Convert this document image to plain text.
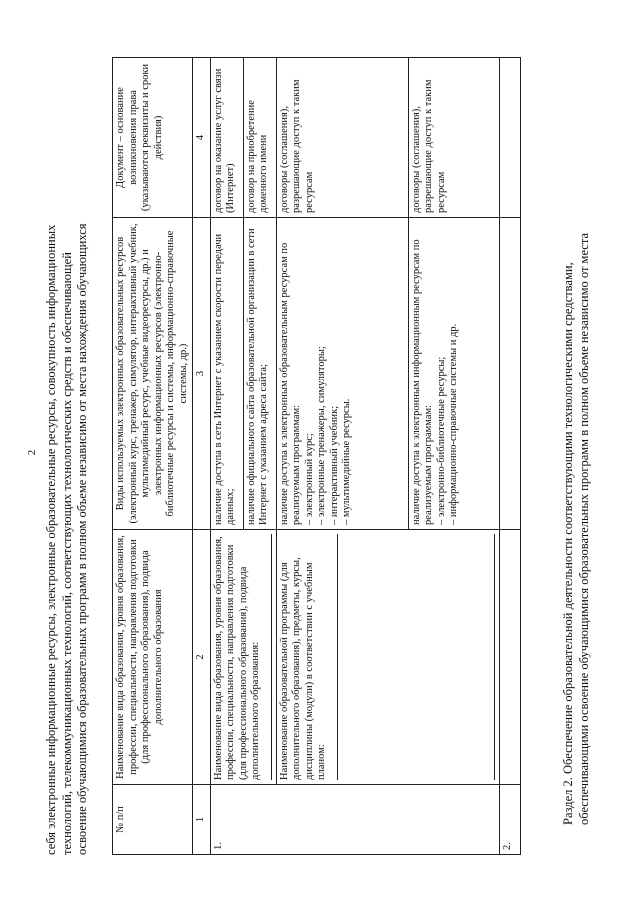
2 себя электронные информационные ресурсы, электронные образовательные ресурсы, совокупность информационных технологий, телекоммуникационных технологий, соответствующих технологических средств и обеспечивающей освоение обучающимися образовательных программ в полном объеме независимо от места нахождения обучающихся № п/п	Наименование вида образования, уровня образования, профессии, специальности, направления подготовки (для профессионального образования), подвида дополнительного образования	Виды используемых электронных образовательных ресурсов (электронный курс, тренажер, симулятор, интерактивный учебник, мультимедийный ресурс, учебные видеоресурсы, др.) и электронных информационных ресурсов (электронно-библиотечные ресурсы и системы, информационно-справочные системы, др.)	Документ – основание возникновения права (указываются реквизиты и сроки действия)
1	2	3	4
1.	Наименование вида образования, уровня образования, профессии, специальности, направления подготовки (для профессионального образования), подвида дополнительного образования:	наличие доступа в сеть Интернет с указанием скорости передачи данных;	договор на оказание услуг связи (Интернет)
		наличие официального сайта образовательной организации в сети Интернет с указанием адреса сайта;	договор на приобретение доменного имени

	Наименование образовательной программы (для дополнительного образования), предметы, курсы, дисциплины (модули) в соответствии с учебным планом:	наличие доступа к электронным образовательным ресурсам по реализуемым программам:
– электронный курс;
– электронные тренажеры, симуляторы;
– интерактивный учебник;
– мультимедийные ресурсы.	договоры (соглашения), разрешающие доступ к таким ресурсам
		наличие доступа к электронным информационным ресурсам по реализуемым программам:
– электронно-библиотечные ресурсы;
– информационно-справочные системы и др.	договоры (соглашения), разрешающие доступ к таким ресурсам
2.			
Раздел 2. Обеспечение образовательной деятельности соответствующими технологическими средствами, обеспечивающими освоение обучающимися образовательных программ в полном объеме независимо от места
